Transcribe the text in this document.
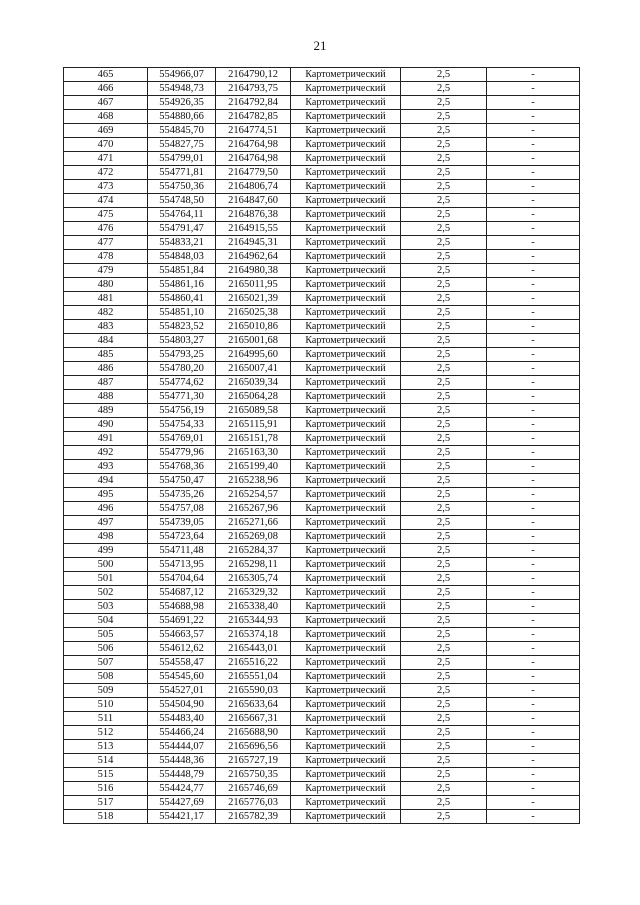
21
465	554966,07	2164790,12	Картометрический	2,5	-
466	554948,73	2164793,75	Картометрический	2,5	-
467	554926,35	2164792,84	Картометрический	2,5	-
468	554880,66	2164782,85	Картометрический	2,5	-
469	554845,70	2164774,51	Картометрический	2,5	-
470	554827,75	2164764,98	Картометрический	2,5	-
471	554799,01	2164764,98	Картометрический	2,5	-
472	554771,81	2164779,50	Картометрический	2,5	-
473	554750,36	2164806,74	Картометрический	2,5	-
474	554748,50	2164847,60	Картометрический	2,5	-
475	554764,11	2164876,38	Картометрический	2,5	-
476	554791,47	2164915,55	Картометрический	2,5	-
477	554833,21	2164945,31	Картометрический	2,5	-
478	554848,03	2164962,64	Картометрический	2,5	-
479	554851,84	2164980,38	Картометрический	2,5	-
480	554861,16	2165011,95	Картометрический	2,5	-
481	554860,41	2165021,39	Картометрический	2,5	-
482	554851,10	2165025,38	Картометрический	2,5	-
483	554823,52	2165010,86	Картометрический	2,5	-
484	554803,27	2165001,68	Картометрический	2,5	-
485	554793,25	2164995,60	Картометрический	2,5	-
486	554780,20	2165007,41	Картометрический	2,5	-
487	554774,62	2165039,34	Картометрический	2,5	-
488	554771,30	2165064,28	Картометрический	2,5	-
489	554756,19	2165089,58	Картометрический	2,5	-
490	554754,33	2165115,91	Картометрический	2,5	-
491	554769,01	2165151,78	Картометрический	2,5	-
492	554779,96	2165163,30	Картометрический	2,5	-
493	554768,36	2165199,40	Картометрический	2,5	-
494	554750,47	2165238,96	Картометрический	2,5	-
495	554735,26	2165254,57	Картометрический	2,5	-
496	554757,08	2165267,96	Картометрический	2,5	-
497	554739,05	2165271,66	Картометрический	2,5	-
498	554723,64	2165269,08	Картометрический	2,5	-
499	554711,48	2165284,37	Картометрический	2,5	-
500	554713,95	2165298,11	Картометрический	2,5	-
501	554704,64	2165305,74	Картометрический	2,5	-
502	554687,12	2165329,32	Картометрический	2,5	-
503	554688,98	2165338,40	Картометрический	2,5	-
504	554691,22	2165344,93	Картометрический	2,5	-
505	554663,57	2165374,18	Картометрический	2,5	-
506	554612,62	2165443,01	Картометрический	2,5	-
507	554558,47	2165516,22	Картометрический	2,5	-
508	554545,60	2165551,04	Картометрический	2,5	-
509	554527,01	2165590,03	Картометрический	2,5	-
510	554504,90	2165633,64	Картометрический	2,5	-
511	554483,40	2165667,31	Картометрический	2,5	-
512	554466,24	2165688,90	Картометрический	2,5	-
513	554444,07	2165696,56	Картометрический	2,5	-
514	554448,36	2165727,19	Картометрический	2,5	-
515	554448,79	2165750,35	Картометрический	2,5	-
516	554424,77	2165746,69	Картометрический	2,5	-
517	554427,69	2165776,03	Картометрический	2,5	-
518	554421,17	2165782,39	Картометрический	2,5	-
